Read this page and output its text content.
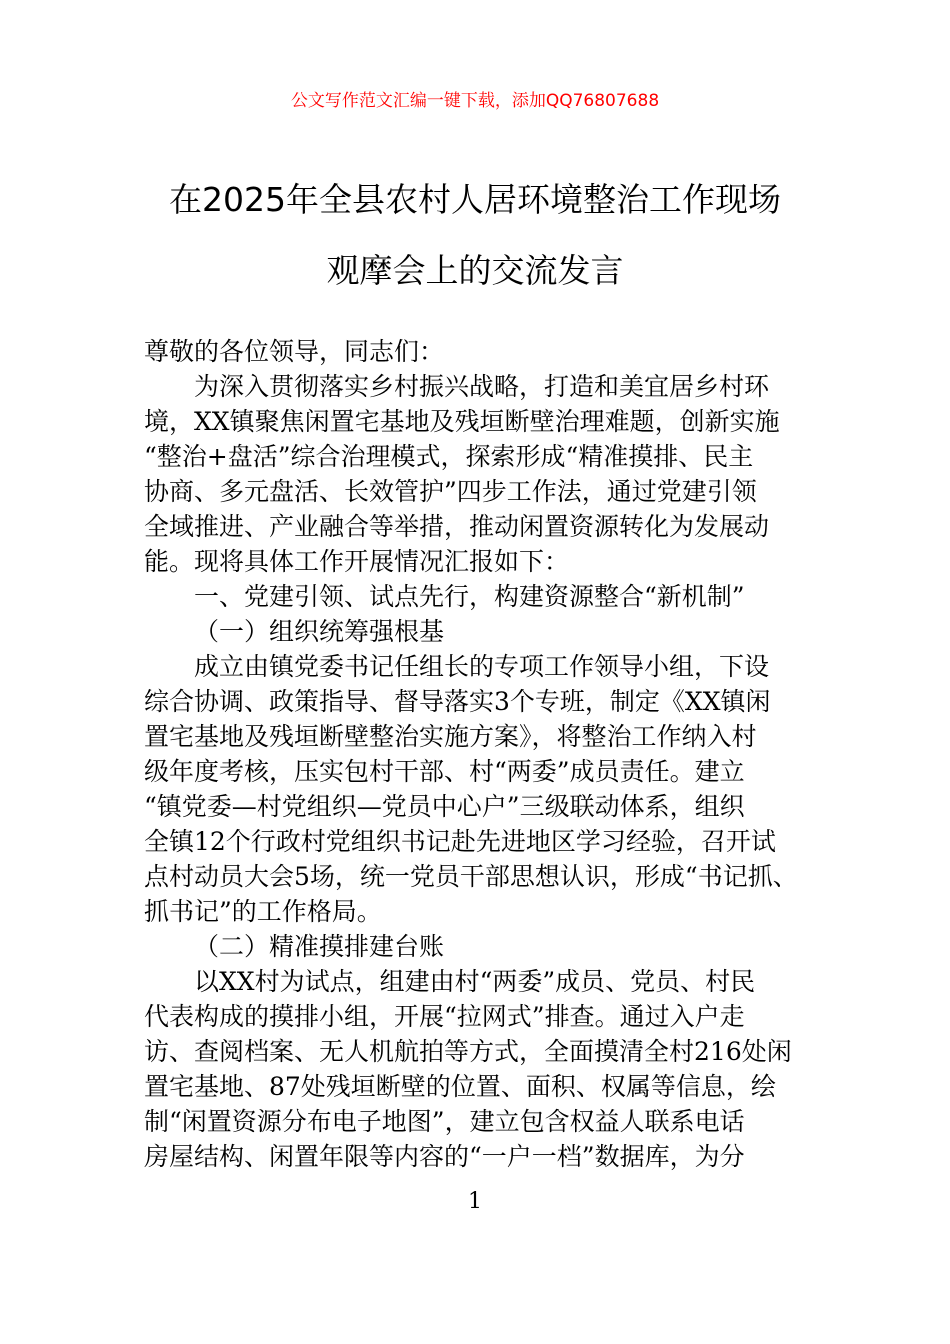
公文写作范文汇编一键下载，添加QQ76807688
在2025年全县农村人居环境整治工作现场
观摩会上的交流发言

尊敬的各位领导，同志们：

为深入贯彻落实乡村振兴战略，打造和美宜居乡村环

境，XX镇聚焦闲置宅基地及残垣断壁治理难题，创新实施

“整治+盘活”综合治理模式，探索形成“精准摸排、民主

协商、多元盘活、长效管护”四步工作法，通过党建引领

全域推进、产业融合等举措，推动闲置资源转化为发展动

能。现将具体工作开展情况汇报如下：

一、党建引领、试点先行，构建资源整合“新机制”

（一）组织统筹强根基

成立由镇党委书记任组长的专项工作领导小组，下设

综合协调、政策指导、督导落实3个专班，制定《XX镇闲

置宅基地及残垣断壁整治实施方案》，将整治工作纳入村

级年度考核，压实包村干部、村“两委”成员责任。建立

“镇党委—村党组织—党员中心户”三级联动体系，组织

全镇12个行政村党组织书记赴先进地区学习经验，召开试

点村动员大会5场，统一党员干部思想认识，形成“书记抓、

抓书记”的工作格局。

（二）精准摸排建台账

以XX村为试点，组建由村“两委”成员、党员、村民

代表构成的摸排小组，开展“拉网式”排查。通过入户走

访、查阅档案、无人机航拍等方式，全面摸清全村216处闲

置宅基地、87处残垣断壁的位置、面积、权属等信息，绘

制“闲置资源分布电子地图”，建立包含权益人联系电话

房屋结构、闲置年限等内容的“一户一档”数据库，为分

1
